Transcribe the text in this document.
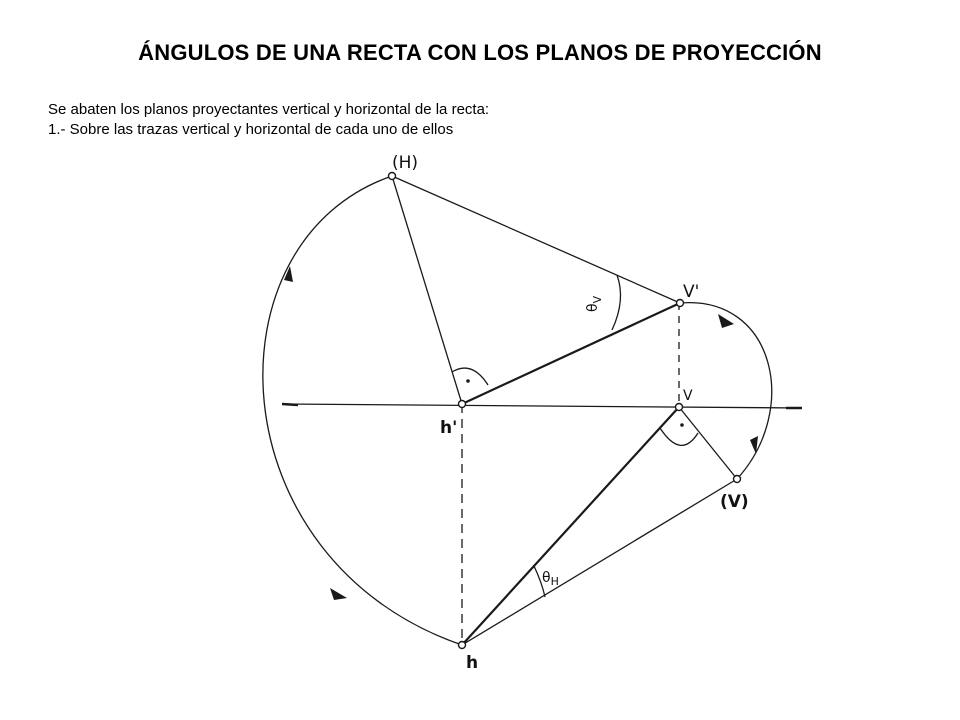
ÁNGULOS DE UNA RECTA CON LOS PLANOS DE PROYECCIÓN
Se abaten los planos proyectantes vertical y horizontal de la recta:
1.- Sobre las trazas vertical y horizontal de cada uno de ellos
(H)
V'
V
(V)
h'
h
$\theta_V$
$\theta_H$
